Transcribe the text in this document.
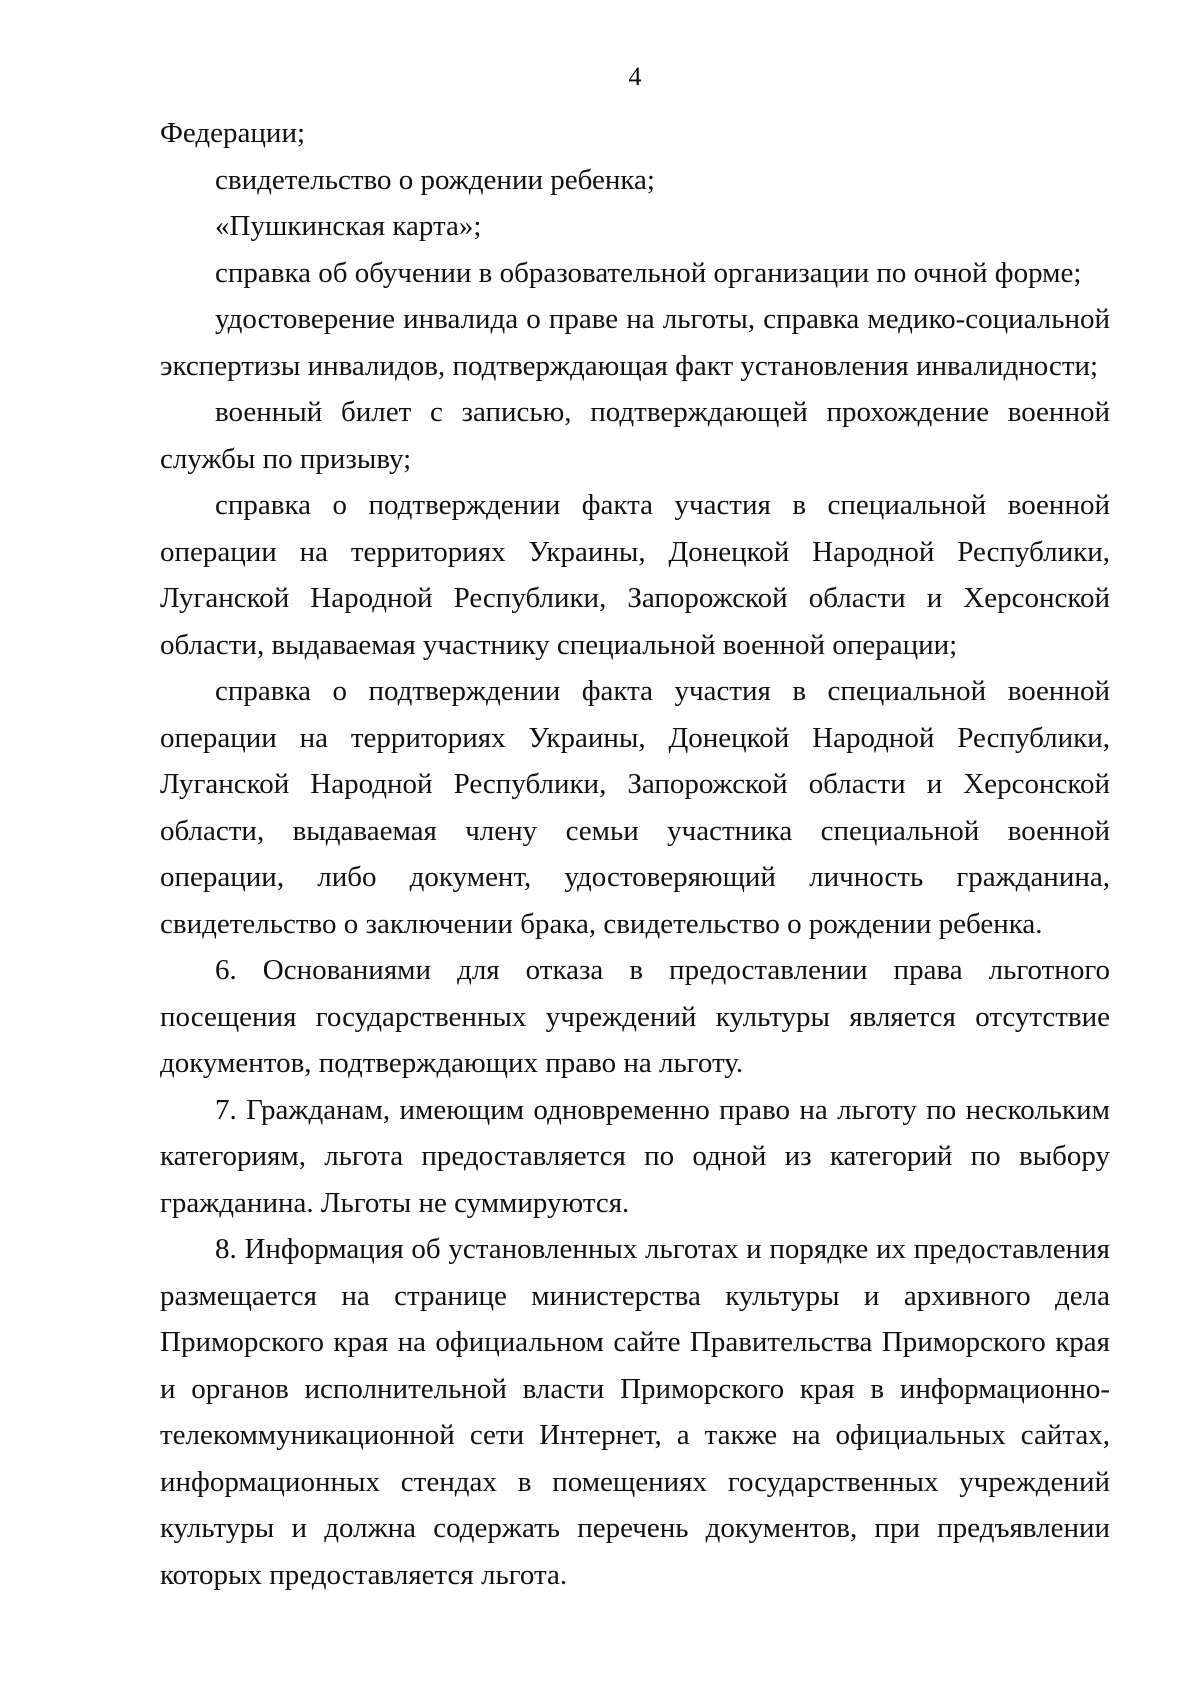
4

Федерации;

свидетельство о рождении ребенка;

«Пушкинская карта»;

справка об обучении в образовательной организации по очной форме;

удостоверение инвалида о праве на льготы, справка медико-социальной экспертизы инвалидов, подтверждающая факт установления инвалидности;

военный билет с записью, подтверждающей прохождение военной службы по призыву;

справка о подтверждении факта участия в специальной военной операции на территориях Украины, Донецкой Народной Республики, Луганской Народной Республики, Запорожской области и Херсонской области, выдаваемая участнику специальной военной операции;

справка о подтверждении факта участия в специальной военной операции на территориях Украины, Донецкой Народной Республики, Луганской Народной Республики, Запорожской области и Херсонской области, выдаваемая члену семьи участника специальной военной операции, либо документ, удостоверяющий личность гражданина, свидетельство о заключении брака, свидетельство о рождении ребенка.

6. Основаниями для отказа в предоставлении права льготного посещения государственных учреждений культуры является отсутствие документов, подтверждающих право на льготу.

7. Гражданам, имеющим одновременно право на льготу по нескольким категориям, льгота предоставляется по одной из категорий по выбору гражданина. Льготы не суммируются.

8. Информация об установленных льготах и порядке их предоставления размещается на странице министерства культуры и архивного дела Приморского края на официальном сайте Правительства Приморского края и органов исполнительной власти Приморского края в информационно-телекоммуникационной сети Интернет, а также на официальных сайтах, информационных стендах в помещениях государственных учреждений культуры и должна содержать перечень документов, при предъявлении которых предоставляется льгота.
